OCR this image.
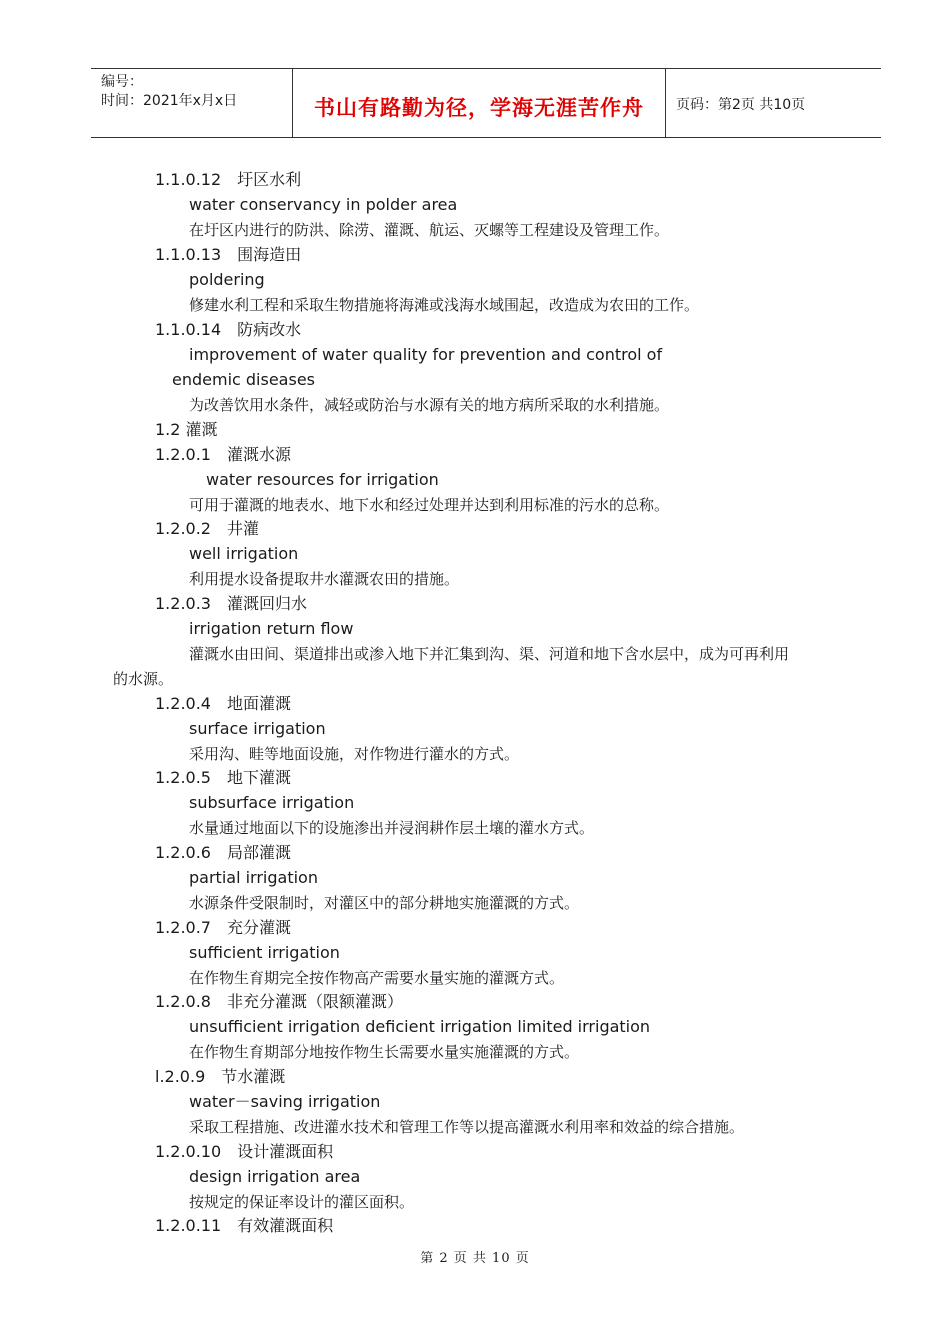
编号：
时间：2021年x月x日	书山有路勤为径，学海无涯苦作舟	页码：第2页 共10页
1.1.0.12　圩区水利
water conservancy in polder area
在圩区内进行的防洪、除涝、灌溉、航运、灭螺等工程建设及管理工作。
1.1.0.13　围海造田
poldering
修建水利工程和采取生物措施将海滩或浅海水域围起，改造成为农田的工作。
1.1.0.14　防病改水
improvement of water quality for prevention and control of
endemic diseases
为改善饮用水条件，减轻或防治与水源有关的地方病所采取的水利措施。
1.2 灌溉
1.2.0.1　灌溉水源
water resources for irrigation
可用于灌溉的地表水、地下水和经过处理并达到利用标准的污水的总称。
1.2.0.2　井灌
well irrigation
利用提水设备提取井水灌溉农田的措施。
1.2.0.3　灌溉回归水
irrigation return flow
灌溉水由田间、渠道排出或渗入地下并汇集到沟、渠、河道和地下含水层中，成为可再利用
的水源。
1.2.0.4　地面灌溉
surface irrigation
采用沟、畦等地面设施，对作物进行灌水的方式。
1.2.0.5　地下灌溉
subsurface irrigation
水量通过地面以下的设施渗出并浸润耕作层土壤的灌水方式。
1.2.0.6　局部灌溉
partial irrigation
水源条件受限制时，对灌区中的部分耕地实施灌溉的方式。
1.2.0.7　充分灌溉
sufficient irrigation
在作物生育期完全按作物高产需要水量实施的灌溉方式。
1.2.0.8　非充分灌溉（限额灌溉）
unsufficient irrigation deficient irrigation limited irrigation
在作物生育期部分地按作物生长需要水量实施灌溉的方式。
l.2.0.9　节水灌溉
water－saving irrigation
采取工程措施、改进灌水技术和管理工作等以提高灌溉水利用率和效益的综合措施。
1.2.0.10　设计灌溉面积
design irrigation area
按规定的保证率设计的灌区面积。
1.2.0.11　有效灌溉面积
第 2 页 共 10 页
